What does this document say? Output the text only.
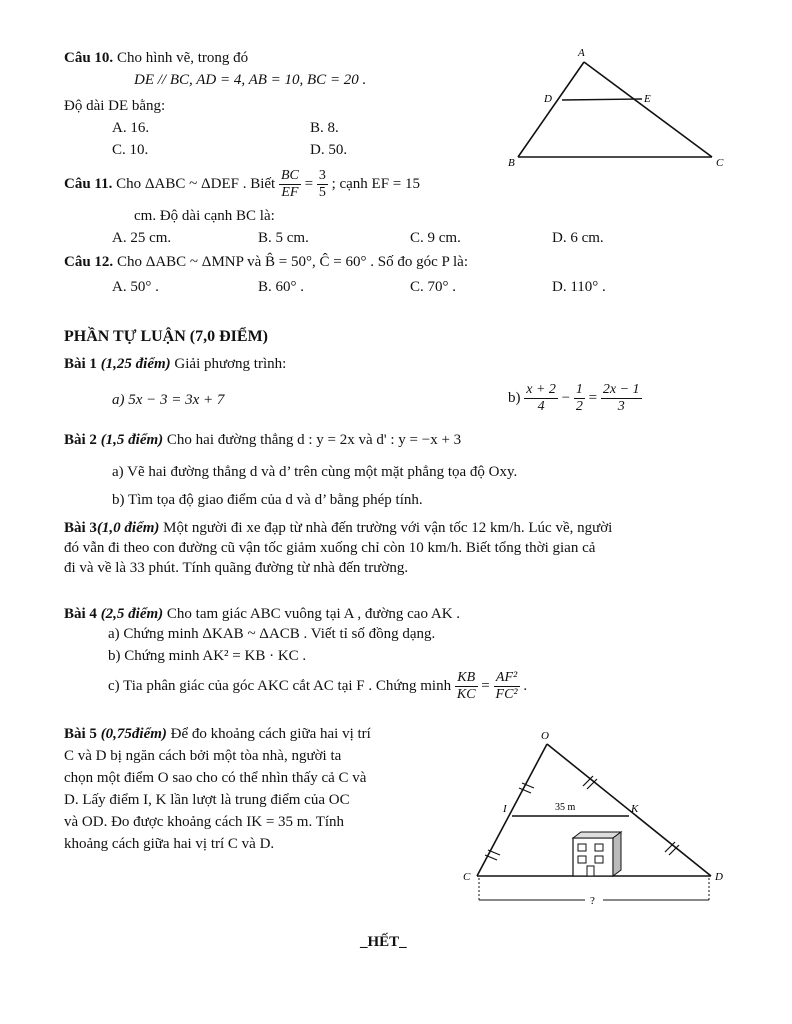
Câu 10. Cho hình vẽ, trong đó
DE // BC, AD = 4, AB = 10, BC = 20 .
Độ dài DE bằng:
A. 16.	B. 8.
C. 10.	D. 50.
A
D	E
B	C
Câu 11. Cho ΔABC ~ ΔDEF . Biết $\frac{BC}{EF} = \frac{3}{5}$ ; cạnh EF = 15
cm. Độ dài cạnh BC là:
A. 25 cm.	B. 5 cm.	C. 9 cm.	D. 6 cm.
Câu 12. Cho ΔABC ~ ΔMNP và B̂ = 50°, Ĉ = 60° . Số đo góc P là:
A. 50° .	B. 60° .	C. 70° .	D. 110° .
PHẦN TỰ LUẬN (7,0 ĐIỂM)
Bài 1 (1,25 điểm) Giải phương trình:
a) 5x − 3 = 3x + 7	$b) \frac{x + 2}{4} - \frac{1}{2} = \frac{2x - 1}{3}$
Bài 2 (1,5 điểm) Cho hai đường thẳng d : y = 2x và d' : y = −x + 3
a) Vẽ hai đường thẳng d và d’ trên cùng một mặt phẳng tọa độ Oxy.
b) Tìm tọa độ giao điểm của d và d’ bằng phép tính.
Bài 3(1,0 điểm) Một người đi xe đạp từ nhà đến trường với vận tốc 12 km/h. Lúc về, người
đó vẫn đi theo con đường cũ vận tốc giảm xuống chỉ còn 10 km/h. Biết tổng thời gian cả
đi và về là 33 phút. Tính quãng đường từ nhà đến trường.
Bài 4 (2,5 điểm) Cho tam giác ABC vuông tại A , đường cao AK .
a) Chứng minh ΔKAB ~ ΔACB . Viết tỉ số đồng dạng.
b) Chứng minh AK² = KB · KC .
c) Tia phân giác của góc AKC cắt AC tại F . Chứng minh $\frac{KB}{KC} = \frac{\text{AF²}}{\text{FC²}}$ .
Bài 5 (0,75điểm) Để đo khoảng cách giữa hai vị trí
C và D bị ngăn cách bởi một tòa nhà, người ta
chọn một điểm O sao cho có thể nhìn thấy cả C và
D. Lấy điểm I, K lần lượt là trung điểm của OC
và OD. Đo được khoảng cách IK = 35 m. Tính
khoảng cách giữa hai vị trí C và D.
O
I	K
35 m
C	D
?
_HẾT_
